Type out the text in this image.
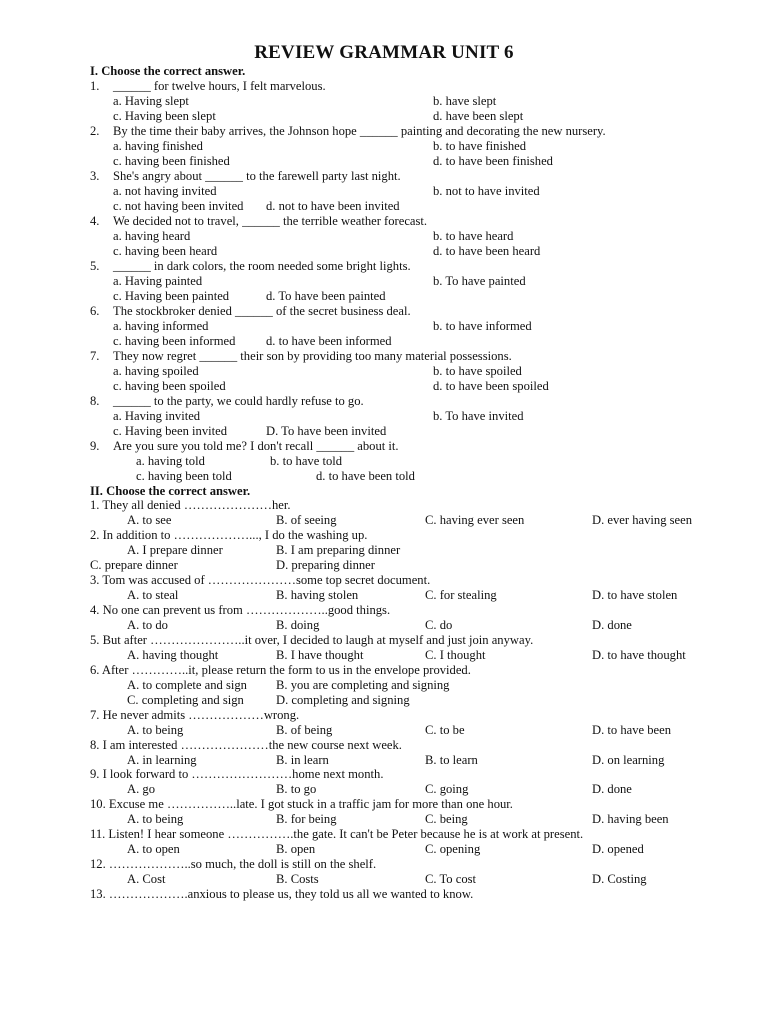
REVIEW GRAMMAR UNIT 6
I. Choose the correct answer.
1. ______ for twelve hours, I felt marvelous.
a. Having slept	b. have slept
c. Having been slept	d. have been slept
2. By the time their baby arrives, the Johnson hope ______ painting and decorating the new nursery.
a. having finished	b. to have finished
c. having been finished	d. to have been finished
3. She's angry about ______ to the farewell party last night.
a. not having invited	b. not to have invited
c. not having been invited d. not to have been invited
4. We decided not to travel, ______ the terrible weather forecast.
a. having heard	b. to have heard
c. having been heard	d. to have been heard
5. ______ in dark colors, the room needed some bright lights.
a. Having painted	b. To have painted
c. Having been painted	d. To have been painted
6. The stockbroker denied ______ of the secret business deal.
a. having informed	b. to have informed
c. having been informed d. to have been informed
7. They now regret ______ their son by providing too many material possessions.
a. having spoiled	b. to have spoiled
c. having been spoiled	d. to have been spoiled
8. ______ to the party, we could hardly refuse to go.
a. Having invited	b. To have invited
c. Having been invited	D. To have been invited
9. Are you sure you told me? I don't recall ______ about it.
a. having told	b. to have told
c. having been told	d. to have been told
II. Choose the correct answer.
1. They all denied …………………her.
A. to see	B. of seeing	C. having ever seen	D. ever having seen
2. In addition to ………………..., I do the washing up.
A. I prepare dinner	B. I am preparing dinner
C. prepare dinner	D. preparing dinner
3. Tom was accused of …………………some top secret document.
A. to steal	B. having stolen	C. for stealing	D. to have stolen
4. No one can prevent us from ………………..good things.
A. to do	B. doing	C. do	D. done
5. But after …………………..it over, I decided to laugh at myself and just join anyway.
A. having thought	B. I have thought	C. I thought	D. to have thought
6. After …………..it, please return the form to us in the envelope provided.
A. to complete and sign B. you are completing and signing
C. completing and sign	D. completing and signing
7. He never admits ………………wrong.
A. to being	B. of being	C. to be	D. to have been
8. I am interested …………………the new course next week.
A. in learning	B. in learn	B. to learn	D. on learning
9. I look forward to ……………………home next month.
A. go	B. to go	C. going	D. done
10. Excuse me ……………..late. I got stuck in a traffic jam for more than one hour.
A. to being	B. for being	C. being	D. having been
11. Listen! I hear someone …………….the gate. It can't be Peter because he is at work at present.
A. to open	B. open	C. opening	D. opened
12. ………………..so much, the doll is still on the shelf.
A. Cost	B. Costs	C. To cost	D. Costing
13. ……………….anxious to please us, they told us all we wanted to know.
